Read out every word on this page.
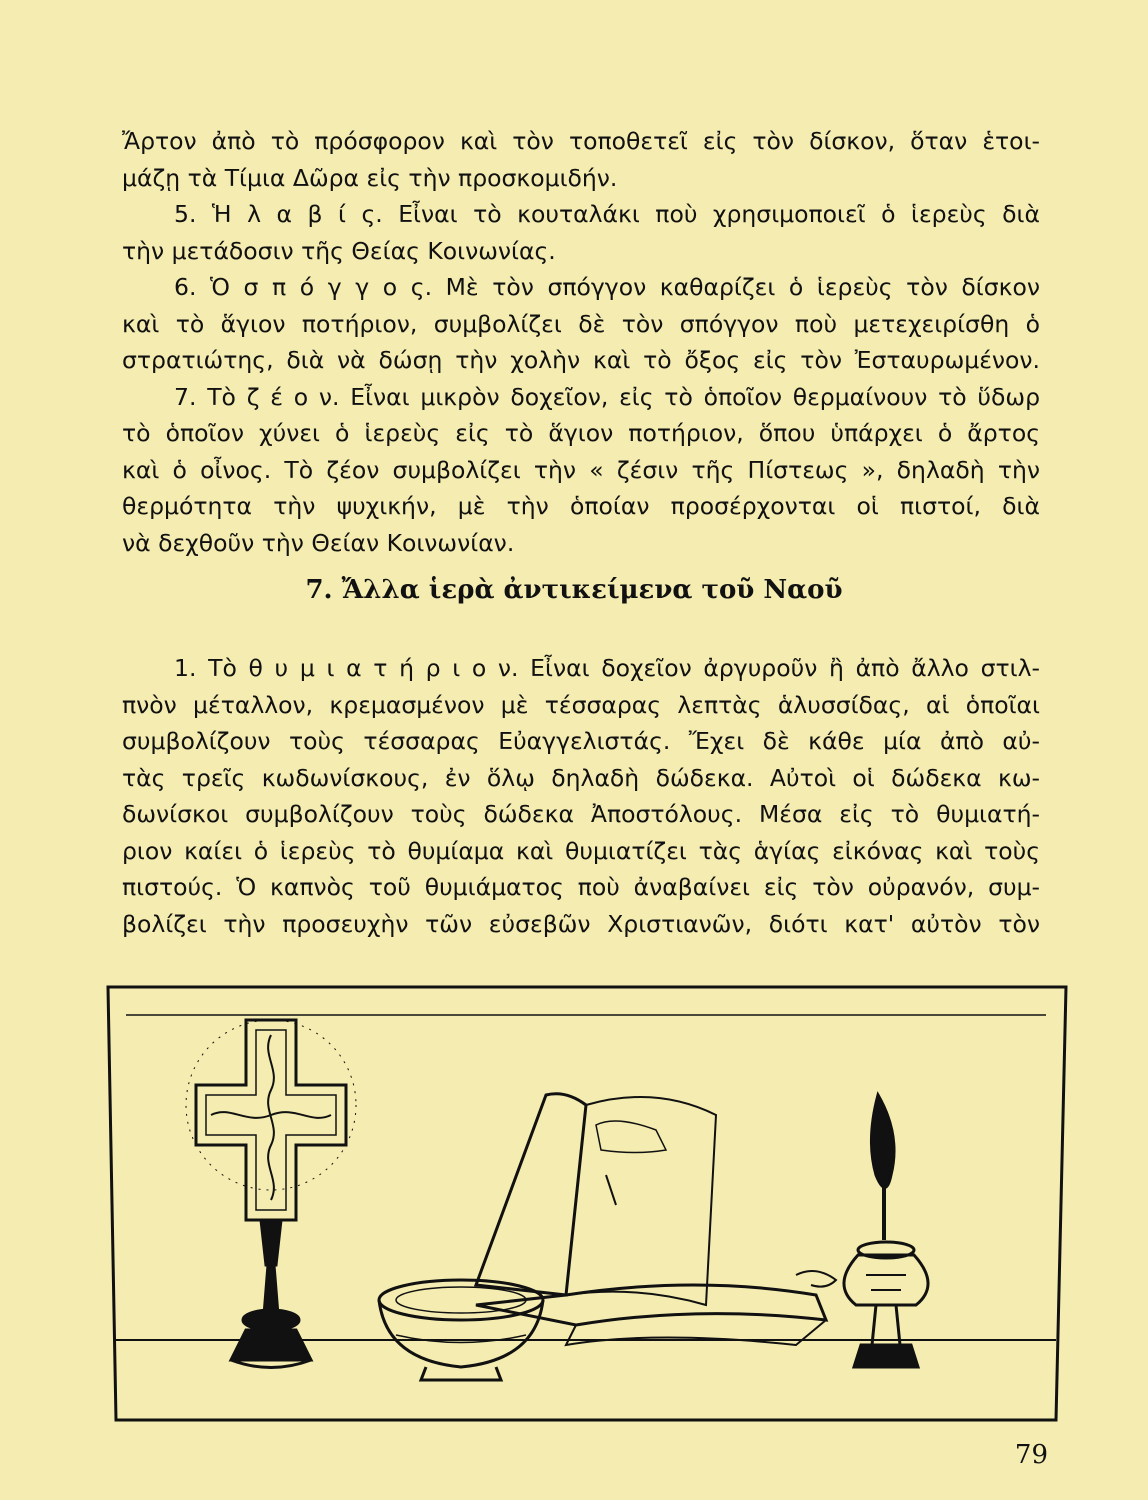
Ἄρτον ἀπὸ τὸ πρόσφορον καὶ τὸν τοποθετεῖ εἰς τὸν δίσκον, ὅταν ἑτοι-
μάζῃ τὰ Τίμια Δῶρα εἰς τὴν προσκομιδήν.
5. Ἡ λ α β ί ς. Εἶναι τὸ κουταλάκι ποὺ χρησιμοποιεῖ ὁ ἱερεὺς διὰ
τὴν μετάδοσιν τῆς Θείας Κοινωνίας.
6. Ὁ σ π ό γ γ ο ς. Μὲ τὸν σπόγγον καθαρίζει ὁ ἱερεὺς τὸν δίσκον
καὶ τὸ ἅγιον ποτήριον, συμβολίζει δὲ τὸν σπόγγον ποὺ μετεχειρίσθη ὁ
στρατιώτης, διὰ νὰ δώσῃ τὴν χολὴν καὶ τὸ ὄξος εἰς τὸν Ἐσταυρωμένον.
7. Τὸ ζ έ ο ν. Εἶναι μικρὸν δοχεῖον, εἰς τὸ ὁποῖον θερμαίνουν τὸ ὕδωρ
τὸ ὁποῖον χύνει ὁ ἱερεὺς εἰς τὸ ἅγιον ποτήριον, ὅπου ὑπάρχει ὁ ἄρτος
καὶ ὁ οἶνος. Τὸ ζέον συμβολίζει τὴν « ζέσιν τῆς Πίστεως », δηλαδὴ τὴν
θερμότητα τὴν ψυχικήν, μὲ τὴν ὁποίαν προσέρχονται οἱ πιστοί, διὰ
νὰ δεχθοῦν τὴν Θείαν Κοινωνίαν.
7. Ἄλλα ἱερὰ ἀντικείμενα τοῦ Ναοῦ
1. Τὸ θ υ μ ι α τ ή ρ ι ο ν. Εἶναι δοχεῖον ἀργυροῦν ἢ ἀπὸ ἄλλο στιλ-
πνὸν μέταλλον, κρεμασμένον μὲ τέσσαρας λεπτὰς ἁλυσσίδας, αἱ ὁποῖαι
συμβολίζουν τοὺς τέσσαρας Εὐαγγελιστάς. Ἔχει δὲ κάθε μία ἀπὸ αὐ-
τὰς τρεῖς κωδωνίσκους, ἐν ὅλῳ δηλαδὴ δώδεκα. Αὐτοὶ οἱ δώδεκα κω-
δωνίσκοι συμβολίζουν τοὺς δώδεκα Ἀποστόλους. Μέσα εἰς τὸ θυμιατή-
ριον καίει ὁ ἱερεὺς τὸ θυμίαμα καὶ θυμιατίζει τὰς ἁγίας εἰκόνας καὶ τοὺς
πιστούς. Ὁ καπνὸς τοῦ θυμιάματος ποὺ ἀναβαίνει εἰς τὸν οὐρανόν, συμ-
βολίζει τὴν προσευχὴν τῶν εὐσεβῶν Χριστιανῶν, διότι κατ' αὐτὸν τὸν
79
